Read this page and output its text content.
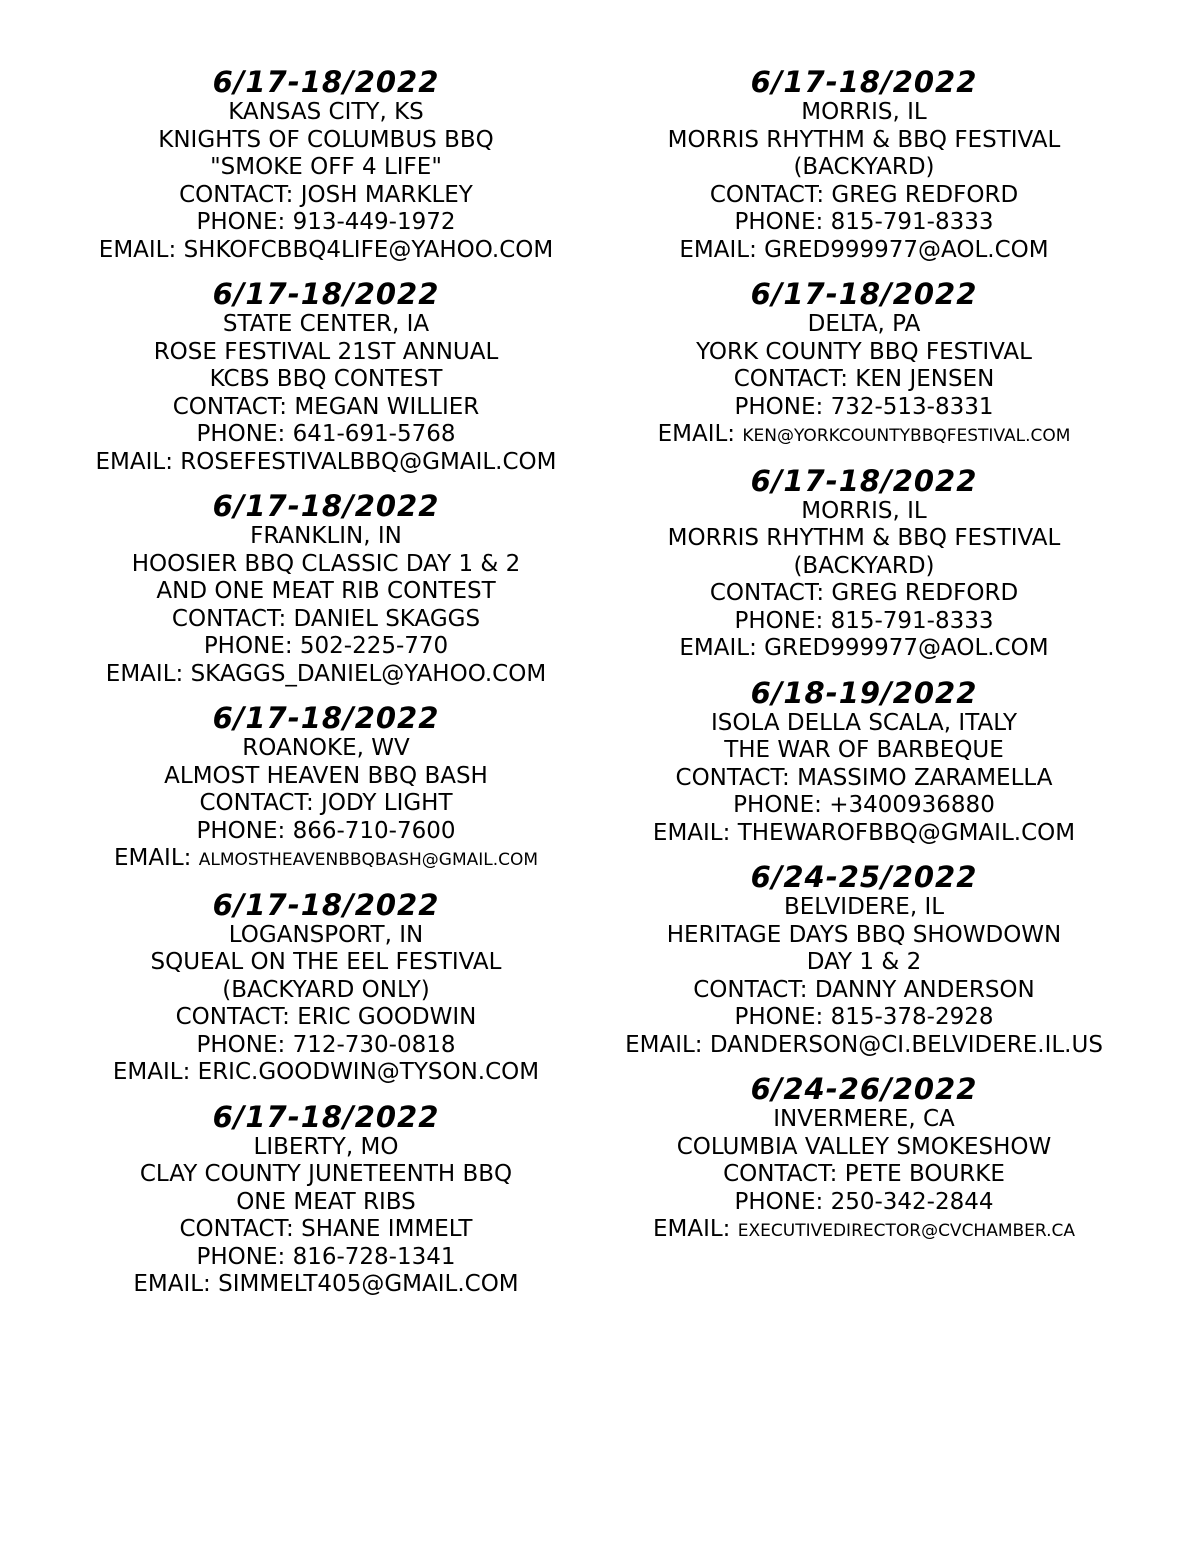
6/17-18/2022
KANSAS CITY, KS
KNIGHTS OF COLUMBUS BBQ
"SMOKE OFF 4 LIFE"
CONTACT: JOSH MARKLEY
PHONE: 913-449-1972
EMAIL: SHKOFCBBQ4LIFE@YAHOO.COM
6/17-18/2022
STATE CENTER, IA
ROSE FESTIVAL 21ST ANNUAL
KCBS BBQ CONTEST
CONTACT: MEGAN WILLIER
PHONE: 641-691-5768
EMAIL: ROSEFESTIVALBBQ@GMAIL.COM
6/17-18/2022
FRANKLIN, IN
HOOSIER BBQ CLASSIC DAY 1 & 2
AND ONE MEAT RIB CONTEST
CONTACT: DANIEL SKAGGS
PHONE: 502-225-770
EMAIL: SKAGGS_DANIEL@YAHOO.COM
6/17-18/2022
ROANOKE, WV
ALMOST HEAVEN BBQ BASH
CONTACT: JODY LIGHT
PHONE: 866-710-7600
EMAIL: ALMOSTHEAVENBBQBASH@GMAIL.COM
6/17-18/2022
LOGANSPORT, IN
SQUEAL ON THE EEL FESTIVAL
(BACKYARD ONLY)
CONTACT: ERIC GOODWIN
PHONE: 712-730-0818
EMAIL: ERIC.GOODWIN@TYSON.COM
6/17-18/2022
LIBERTY, MO
CLAY COUNTY JUNETEENTH BBQ
ONE MEAT RIBS
CONTACT: SHANE IMMELT
PHONE: 816-728-1341
EMAIL: SIMMELT405@GMAIL.COM
6/17-18/2022
MORRIS, IL
MORRIS RHYTHM & BBQ FESTIVAL
(BACKYARD)
CONTACT: GREG REDFORD
PHONE: 815-791-8333
EMAIL: GRED999977@AOL.COM
6/17-18/2022
DELTA, PA
YORK COUNTY BBQ FESTIVAL
CONTACT: KEN JENSEN
PHONE: 732-513-8331
EMAIL: KEN@YORKCOUNTYBBQFESTIVAL.COM
6/17-18/2022
MORRIS, IL
MORRIS RHYTHM & BBQ FESTIVAL
(BACKYARD)
CONTACT: GREG REDFORD
PHONE: 815-791-8333
EMAIL: GRED999977@AOL.COM
6/18-19/2022
ISOLA DELLA SCALA, ITALY
THE WAR OF BARBEQUE
CONTACT: MASSIMO ZARAMELLA
PHONE: +3400936880
EMAIL: THEWAROFBBQ@GMAIL.COM
6/24-25/2022
BELVIDERE, IL
HERITAGE DAYS BBQ SHOWDOWN
DAY 1 & 2
CONTACT: DANNY ANDERSON
PHONE: 815-378-2928
EMAIL: DANDERSON@CI.BELVIDERE.IL.US
6/24-26/2022
INVERMERE, CA
COLUMBIA VALLEY SMOKESHOW
CONTACT: PETE BOURKE
PHONE: 250-342-2844
EMAIL: EXECUTIVEDIRECTOR@CVCHAMBER.CA
